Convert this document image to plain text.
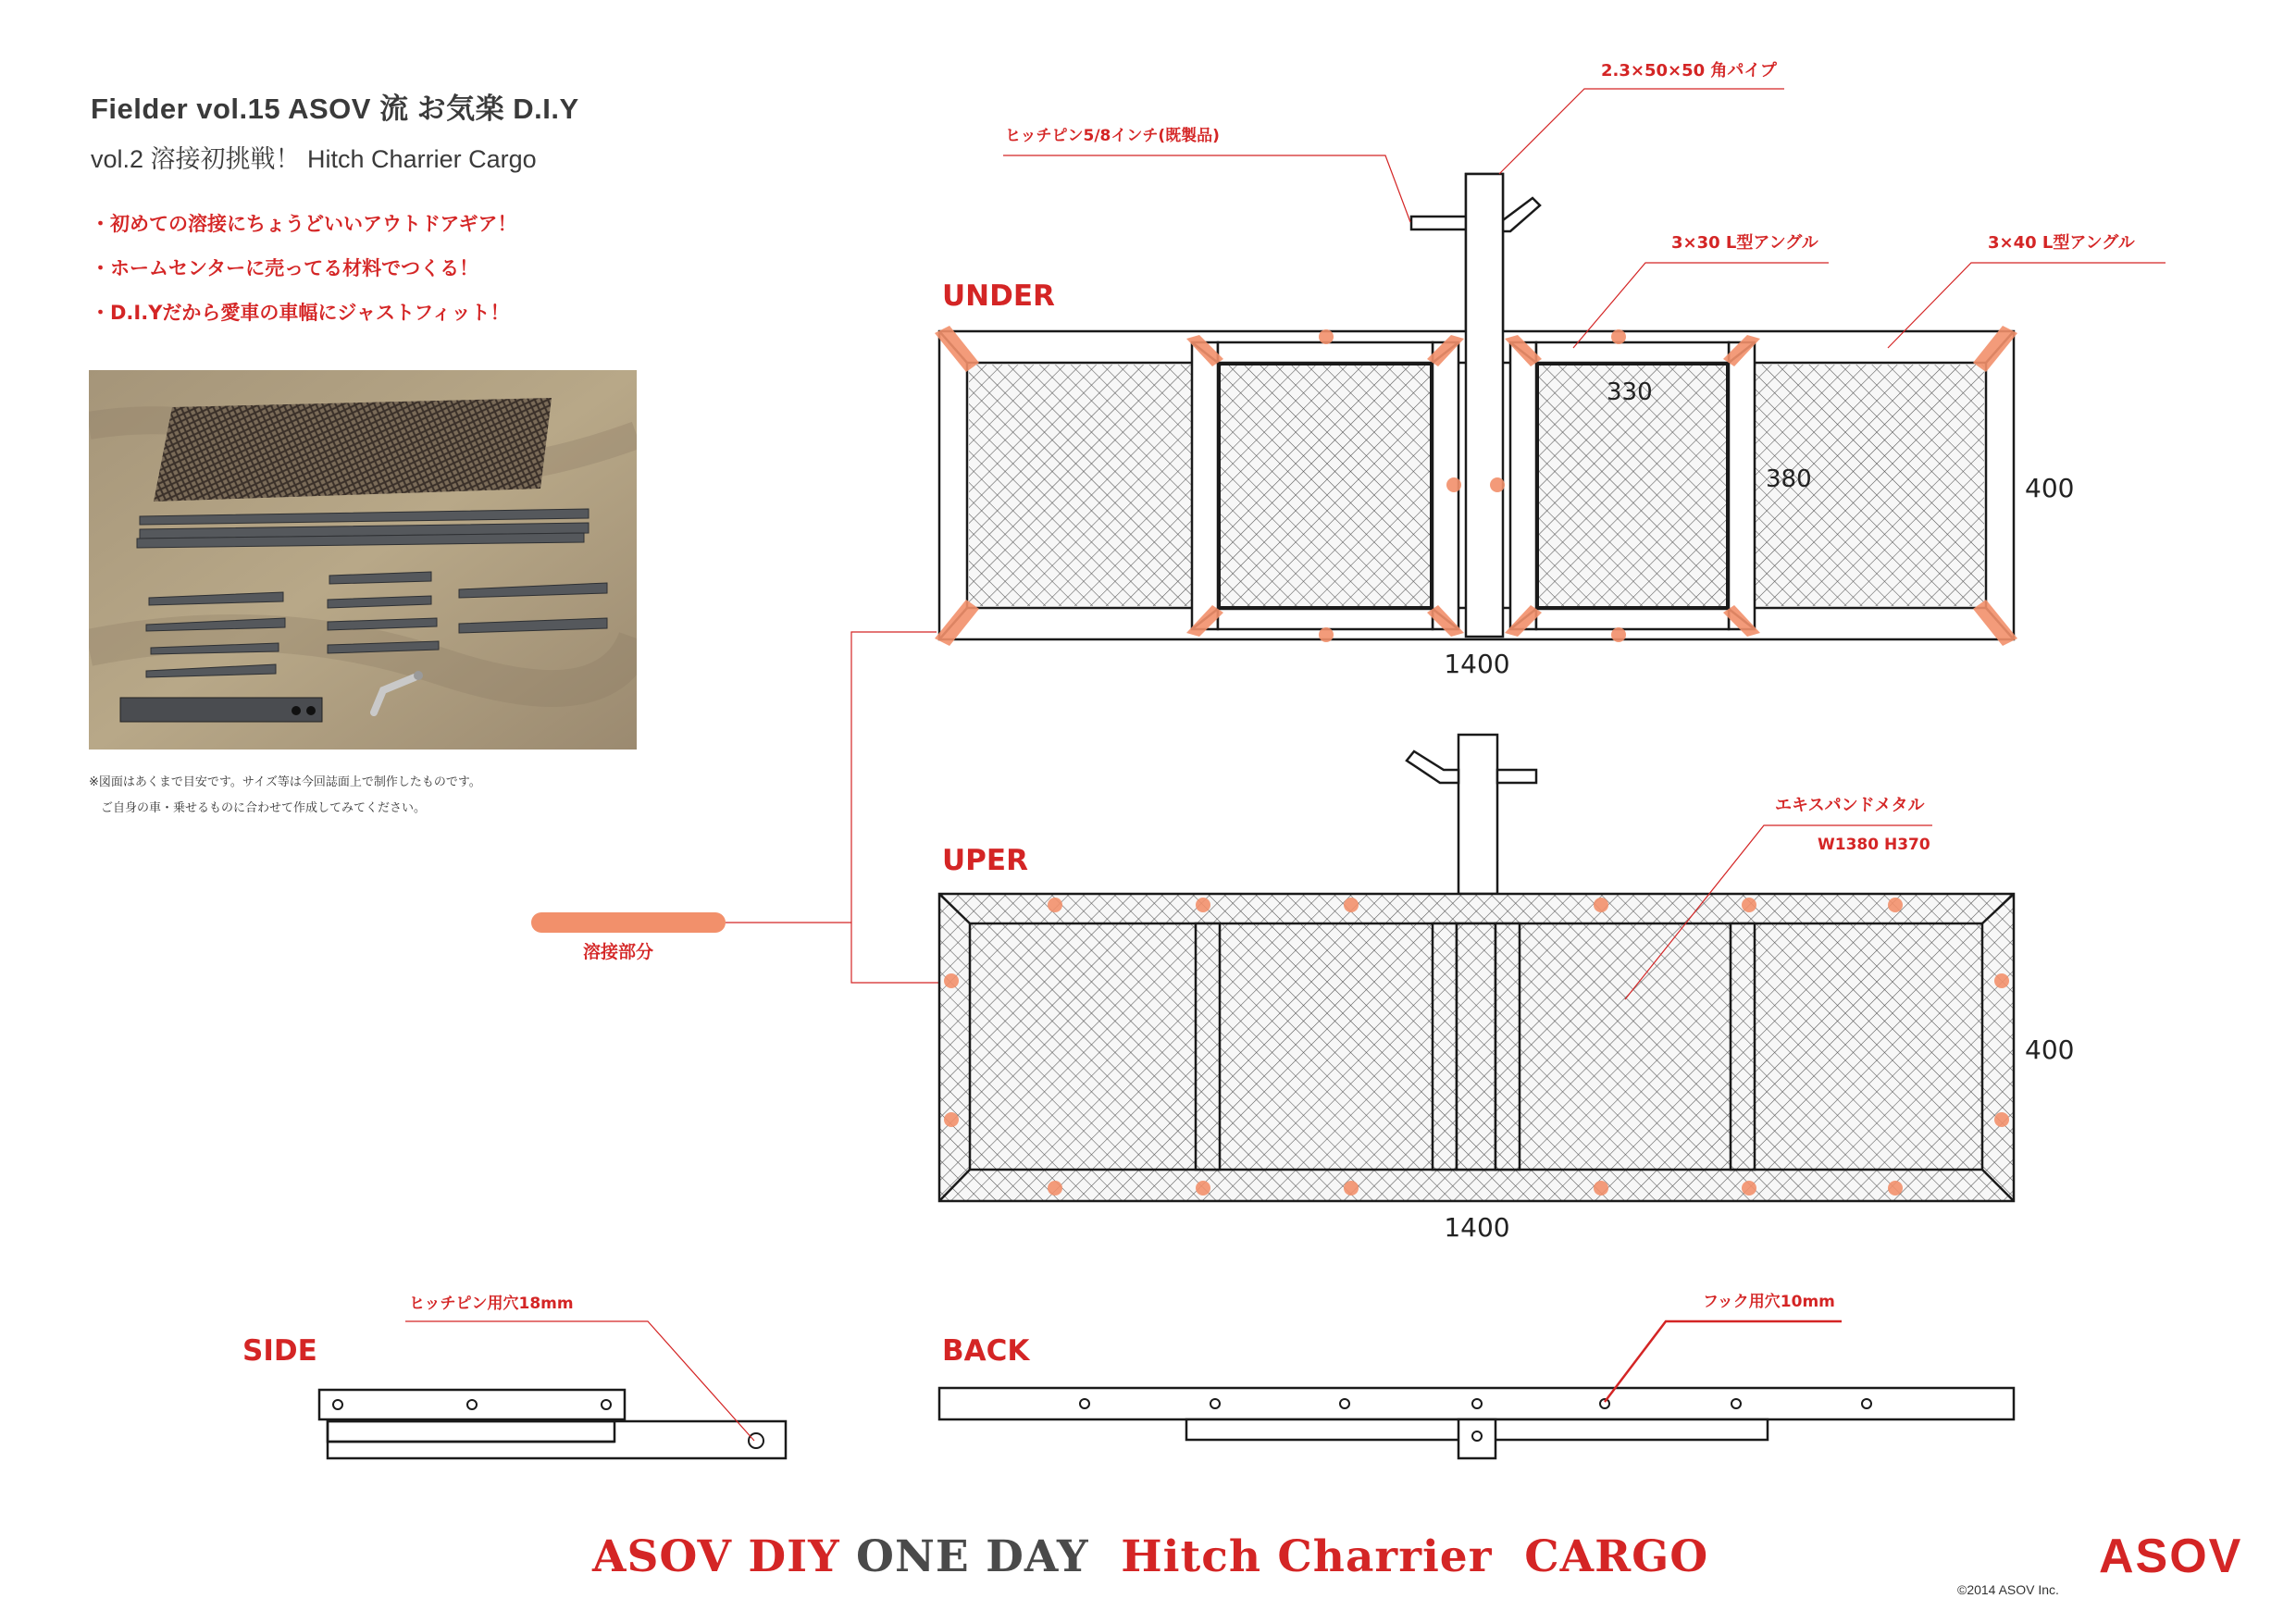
Fielder vol.15 ASOV 流 お気楽 D.I.Y
vol.2 溶接初挑戦！ Hitch Charrier Cargo
・初めての溶接にちょうどいいアウトドアギア！
・ホームセンターに売ってる材料でつくる！
・D.I.Yだから愛車の車幅にジャストフィット！
※図面はあくまで目安です。サイズ等は今回誌面上で制作したものです。
　ご自身の車・乗せるものに合わせて作成してみてください。
UNDER
1400
400
330
380
2.3×50×50 角パイプ
ヒッチピン5/8インチ(既製品)
3×30 L型アングル	3×40 L型アングル
溶接部分
UPER
1400
400
エキスパンドメタル
W1380 H370
ヒッチピン用穴18mm
SIDE
フック用穴10mm
BACK
ASOV DIY ONE DAY  Hitch Charrier  CARGO
©2014 ASOV Inc.
ASOV
